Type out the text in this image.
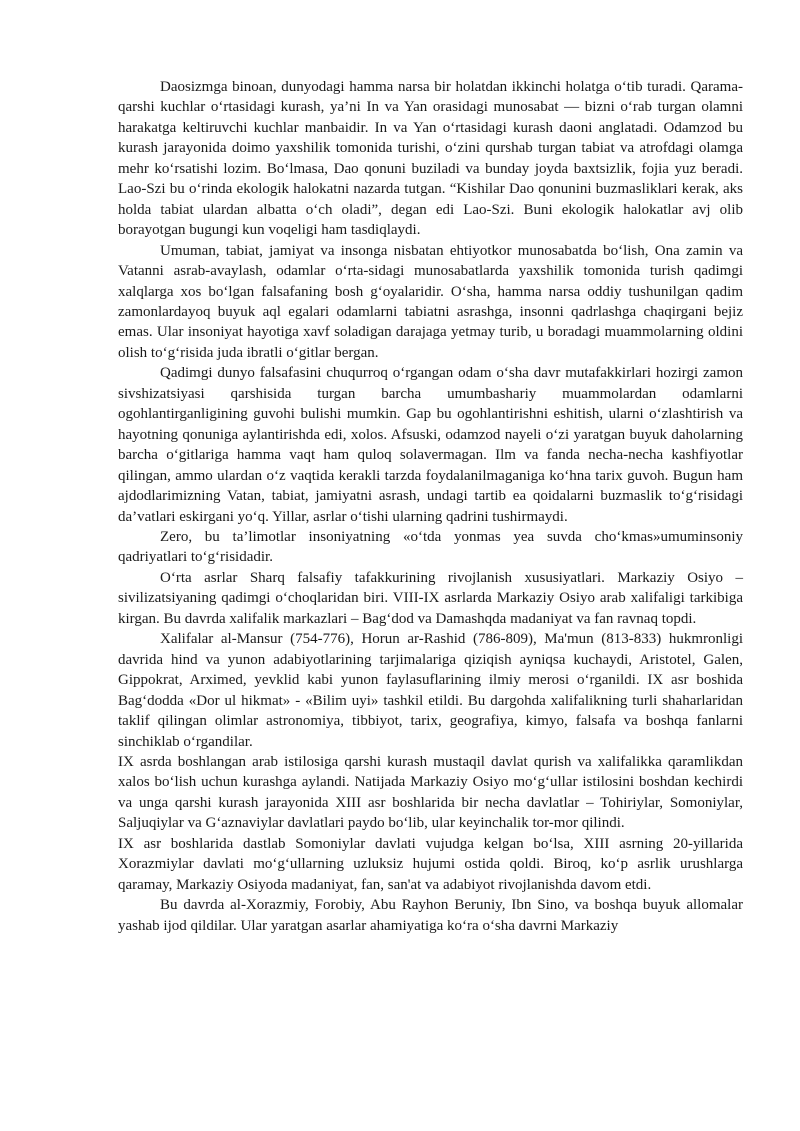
Daosizmga binoan, dunyodagi hamma narsa bir holatdan ikkinchi holatga o‘tib turadi. Qarama-qarshi kuchlar o‘rtasidagi kurash, ya’ni In va Yan orasidagi munosabat — bizni o‘rab turgan olamni harakatga keltiruvchi kuchlar manbaidir. In va Yan o‘rtasidagi kurash daoni anglatadi. Odamzod bu kurash jarayonida doimo yaxshilik tomonida turishi, o‘zini qurshab turgan tabiat va atrofdagi olamga mehr ko‘rsatishi lozim. Bo‘lmasa, Dao qonuni buziladi va bunday joyda baxtsizlik, fojia yuz beradi. Lao-Szi bu o‘rinda ekologik halokatni nazarda tutgan. “Kishilar Dao qonunini buzmasliklari kerak, aks holda tabiat ulardan albatta o‘ch oladi”, degan edi Lao-Szi. Buni ekologik halokatlar avj olib borayotgan bugungi kun voqeligi ham tasdiqlaydi.

Umuman, tabiat, jamiyat va insonga nisbatan ehtiyotkor munosabatda bo‘lish, Ona zamin va Vatanni asrab-avaylash, odamlar o‘rta-sidagi munosabatlarda yaxshilik tomonida turish qadimgi xalqlarga xos bo‘lgan falsafaning bosh g‘oyalaridir. O‘sha, hamma narsa oddiy tushunilgan qadim zamonlardayoq buyuk aql egalari odamlarni tabiatni asrashga, insonni qadrlashga chaqirgani bejiz emas. Ular insoniyat hayotiga xavf soladigan darajaga yetmay turib, u boradagi muammolarning oldini olish to‘g‘risida juda ibratli o‘gitlar bergan.

Qadimgi dunyo falsafasini chuqurroq o‘rgangan odam o‘sha davr mutafakkirlari hozirgi zamon sivshizatsiyasi qarshisida turgan barcha umumbashariy muammolardan odamlarni ogohlantirganligining guvohi bulishi mumkin. Gap bu ogohlantirishni eshitish, ularni o‘zlashtirish va hayotning qonuniga aylantirishda edi, xolos. Afsuski, odamzod nayeli o‘zi yaratgan buyuk daholarning barcha o‘gitlariga hamma vaqt ham quloq solavermagan. Ilm va fanda necha-necha kashfiyotlar qilingan, ammo ulardan o‘z vaqtida kerakli tarzda foydalanilmaganiga ko‘hna tarix guvoh. Bugun ham ajdodlarimizning Vatan, tabiat, jamiyatni asrash, undagi tartib ea qoidalarni buzmaslik to‘g‘risidagi da’vatlari eskirgani yo‘q. Yillar, asrlar o‘tishi ularning qadrini tushirmaydi.

Zero, bu ta’limotlar insoniyatning «o‘tda yonmas yea suvda cho‘kmas»umuminsoniy qadriyatlari to‘g‘risidadir.

O‘rta asrlar Sharq falsafiy tafakkurining rivojlanish xususiyatlari. Markaziy Osiyo – sivilizatsiyaning qadimgi o‘choqlaridan biri. VIII-IX asrlarda Markaziy Osiyo arab xalifaligi tarkibiga kirgan. Bu davrda xalifalik markazlari – Bag‘dod va Damashqda madaniyat va fan ravnaq topdi.

Xalifalar al-Mansur (754-776), Horun ar-Rashid (786-809), Ma'mun (813-833) hukmronligi davrida hind va yunon adabiyotlarining tarjimalariga qiziqish ayniqsa kuchaydi, Aristotel, Galen, Gippokrat, Arximed, yevklid kabi yunon faylasuflarining ilmiy merosi o‘rganildi. IX asr boshida Bag‘dodda «Dor ul hikmat» - «Bilim uyi» tashkil etildi. Bu dargohda xalifalikning turli shaharlaridan taklif qilingan olimlar astronomiya, tibbiyot, tarix, geografiya, kimyo, falsafa va boshqa fanlarni sinchiklab o‘rgandilar.

IX asrda boshlangan arab istilosiga qarshi kurash mustaqil davlat qurish va xalifalikka qaramlikdan xalos bo‘lish uchun kurashga aylandi. Natijada Markaziy Osiyo mo‘g‘ullar istilosini boshdan kechirdi va unga qarshi kurash jarayonida XIII asr boshlarida bir necha davlatlar – Tohiriylar, Somoniylar, Saljuqiylar va G‘aznaviylar davlatlari paydo bo‘lib, ular keyinchalik tor-mor qilindi.

IX asr boshlarida dastlab Somoniylar davlati vujudga kelgan bo‘lsa, XIII asrning 20-yillarida Xorazmiylar davlati mo‘g‘ullarning uzluksiz hujumi ostida qoldi. Biroq, ko‘p asrlik urushlarga qaramay, Markaziy Osiyoda madaniyat, fan, san'at va adabiyot rivojlanishda davom etdi.

Bu davrda al-Xorazmiy, Forobiy, Abu Rayhon Beruniy, Ibn Sino, va boshqa buyuk allomalar yashab ijod qildilar. Ular yaratgan asarlar ahamiyatiga ko‘ra o‘sha davrni Markaziy
